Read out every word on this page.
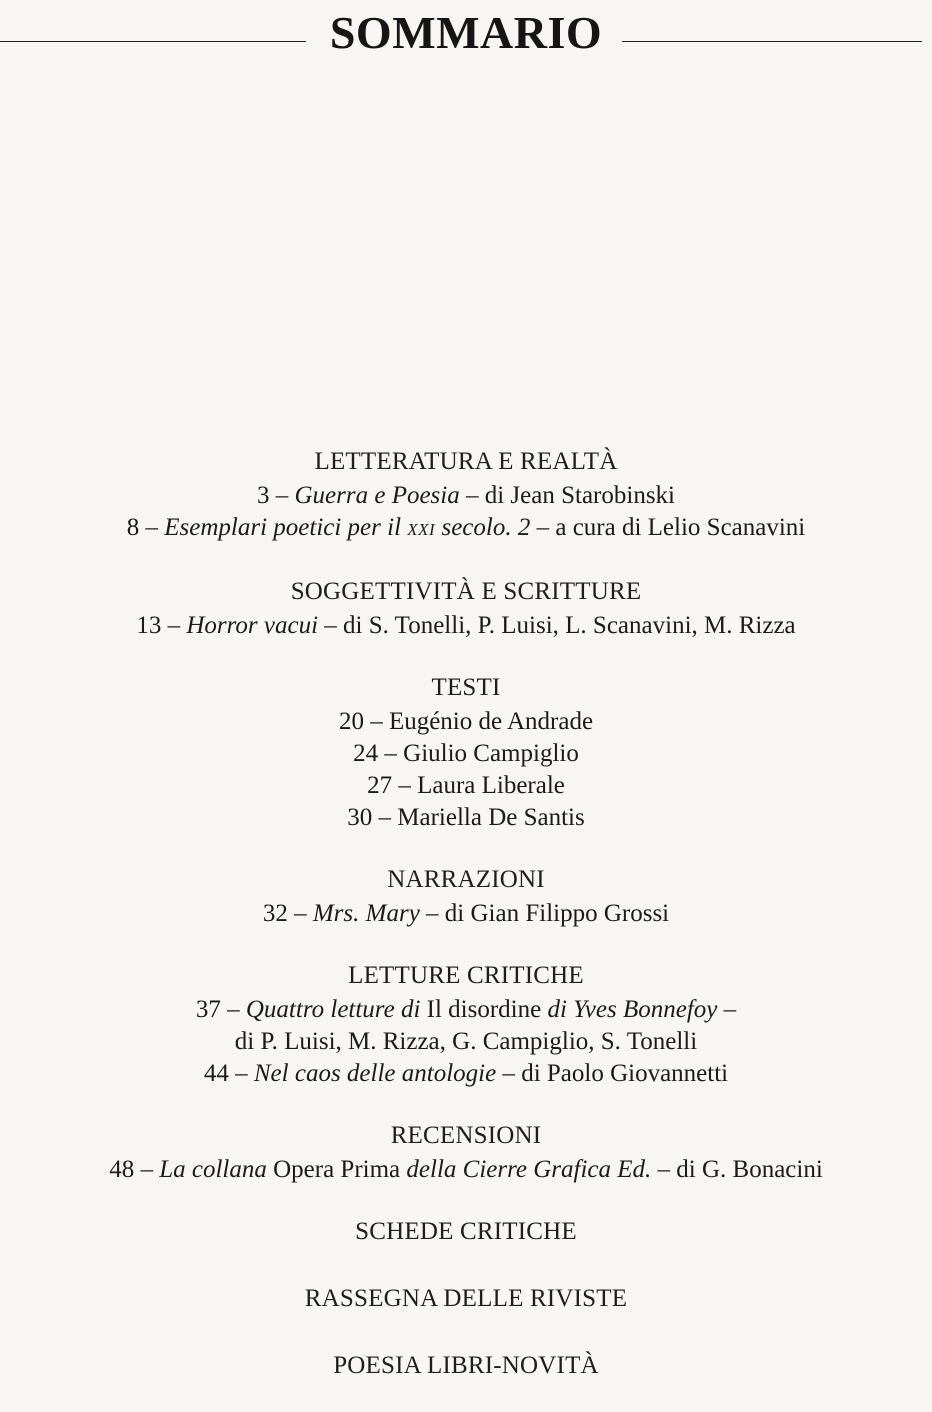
SOMMARIO
LETTERATURA E REALTÀ
3 – Guerra e Poesia – di Jean Starobinski
8 – Esemplari poetici per il XXI secolo. 2 – a cura di Lelio Scanavini
SOGGETTIVITÀ E SCRITTURE
13 – Horror vacui – di S. Tonelli, P. Luisi, L. Scanavini, M. Rizza
TESTI
20 – Eugénio de Andrade
24 – Giulio Campiglio
27 – Laura Liberale
30 – Mariella De Santis
NARRAZIONI
32 – Mrs. Mary – di Gian Filippo Grossi
LETTURE CRITICHE
37 – Quattro letture di Il disordine di Yves Bonnefoy –
di P. Luisi, M. Rizza, G. Campiglio, S. Tonelli
44 – Nel caos delle antologie – di Paolo Giovannetti
RECENSIONI
48 – La collana Opera Prima della Cierre Grafica Ed. – di G. Bonacini
SCHEDE CRITICHE
RASSEGNA DELLE RIVISTE
POESIA LIBRI-NOVITÀ
